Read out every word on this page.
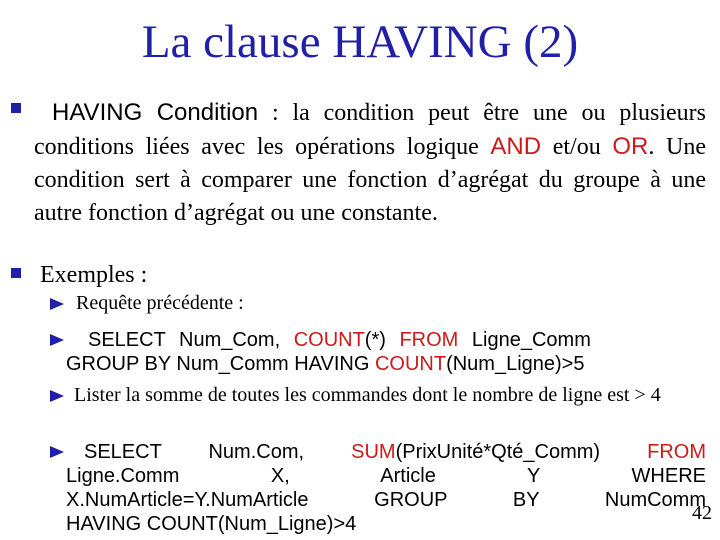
La clause HAVING (2)
HAVING Condition : la condition peut être une ou plusieurs conditions liées avec les opérations logique AND et/ou OR. Une condition sert à comparer une fonction d’agrégat du groupe à une autre fonction d’agrégat ou une constante.
Exemples :
Requête précédente :
SELECT Num_Com, COUNT(*) FROM Ligne_Comm
GROUP BY Num_Comm HAVING COUNT(Num_Ligne)>5
Lister la somme de toutes les commandes dont le nombre de ligne est > 4
SELECT Num.Com, SUM(PrixUnité*Qté_Comm) FROM
Ligne.Comm X, Article Y WHERE
X.NumArticle=Y.NumArticle GROUP BY NumComm
HAVING COUNT(Num_Ligne)>4	42
